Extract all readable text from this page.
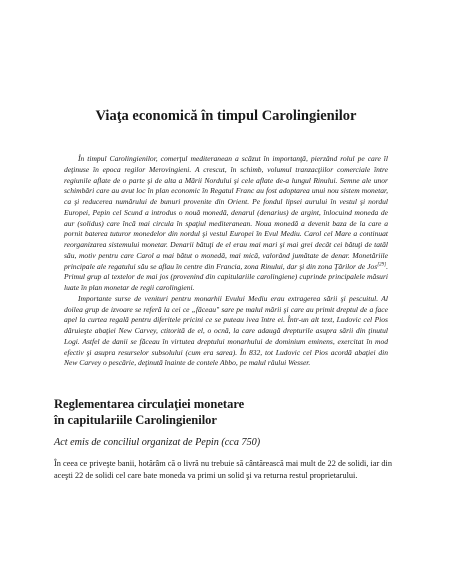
Viaţa economică în timpul Carolingienilor

În timpul Carolingienilor, comerţul mediteranean a scăzut în importanţă, pierzând rolul pe care îl deţinuse în epoca regilor Merovingieni. A crescut, în schimb, volumul tranzacţiilor comerciale între regiunile aflate de o parte şi de alta a Mării Nordului şi cele aflate de-a lungul Rinului. Semne ale unor schimbări care au avut loc în plan economic în Regatul Franc au fost adoptarea unui nou sistem monetar, ca şi reducerea numărului de bunuri provenite din Orient. Pe fondul lipsei aurului în vestul şi nordul Europei, Pepin cel Scund a introdus o nouă monedă, denarul (denarius) de argint, înlocuind moneda de aur (solidus) care încă mai circula în spaţiul mediteranean. Noua monedă a devenit baza de la care a pornit baterea tuturor monedelor din nordul şi vestul Europei în Evul Mediu. Carol cel Mare a continuat reorganizarea sistemului monetar. Denarii bătuţi de el erau mai mari şi mai grei decât cei bătuţi de tatăl său, motiv pentru care Carol a mai bătut o monedă, mai mică, valorând jumătate de denar. Monetăriile principale ale regatului său se aflau în centre din Francia, zona Rinului, dar şi din zona Ţărilor de Jos[29]. Primul grup al textelor de mai jos (provenind din capitulariile carolingiene) cuprinde principalele măsuri luate în plan monetar de regii carolingieni.

Importante surse de venituri pentru monarhii Evului Mediu erau extragerea sării şi pescuitul. Al doilea grup de izvoare se referă la cei ce „făceau" sare pe malul mării şi care au primit dreptul de a face apel la curtea regală pentru diferitele pricini ce se puteau ivea între ei. Într-un alt text, Ludovic cel Pios dăruieşte abaţiei New Carvey, ctitorită de el, o ocnă, la care adaugă drepturile asupra sării din ţinutul Logi. Astfel de danii se făceau în virtutea dreptului monarhului de dominium eminens, exercitat în mod efectiv şi asupra resurselor subsolului (cum era sarea). În 832, tot Ludovic cel Pios acordă abaţiei din New Carvey o pescărie, deţinută înainte de contele Abbo, pe malul râului Wesser.

Reglementarea circulaţiei monetare
în capitulariile Carolingienilor
Act emis de conciliul organizat de Pepin (cca 750)

În ceea ce priveşte banii, hotărâm că o livră nu trebuie să cântărească mai mult de 22 de solidi, iar din aceşti 22 de solidi cel care bate moneda va primi un solid şi va returna restul proprietarului.
